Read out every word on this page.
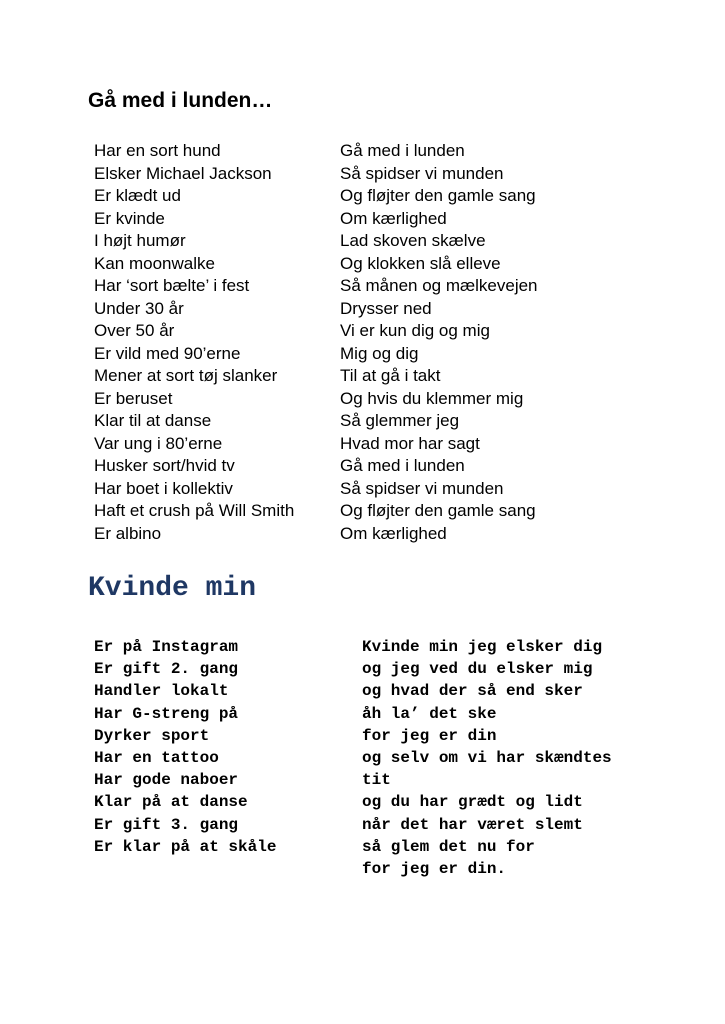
Gå med i lunden…
Har en sort hund
Elsker Michael Jackson
Er klædt ud
Er kvinde
I højt humør
Kan moonwalke
Har ‘sort bælte’ i fest
Under 30 år
Over 50 år
Er vild med 90’erne
Mener at sort tøj slanker
Er beruset
Klar til at danse
Var ung i 80’erne
Husker sort/hvid tv
Har boet i kollektiv
Haft et crush på Will Smith
Er albino
Gå med i lunden
Så spidser vi munden
Og fløjter den gamle sang
Om kærlighed
Lad skoven skælve
Og klokken slå elleve
Så månen og mælkevejen
Drysser ned
Vi er kun dig og mig
Mig og dig
Til at gå i takt
Og hvis du klemmer mig
Så glemmer jeg
Hvad mor har sagt
Gå med i lunden
Så spidser vi munden
Og fløjter den gamle sang
Om kærlighed
Kvinde min
Er på Instagram
Er gift 2. gang
Handler lokalt
Har G-streng på
Dyrker sport
Har en tattoo
Har gode naboer
Klar på at danse
Er gift 3. gang
Er klar på at skåle
Kvinde min jeg elsker dig
og jeg ved du elsker mig
og hvad der så end sker
åh la’ det ske
for jeg er din
og selv om vi har skændtes
tit
og du har grædt og lidt
når det har været slemt
så glem det nu for
for jeg er din.
